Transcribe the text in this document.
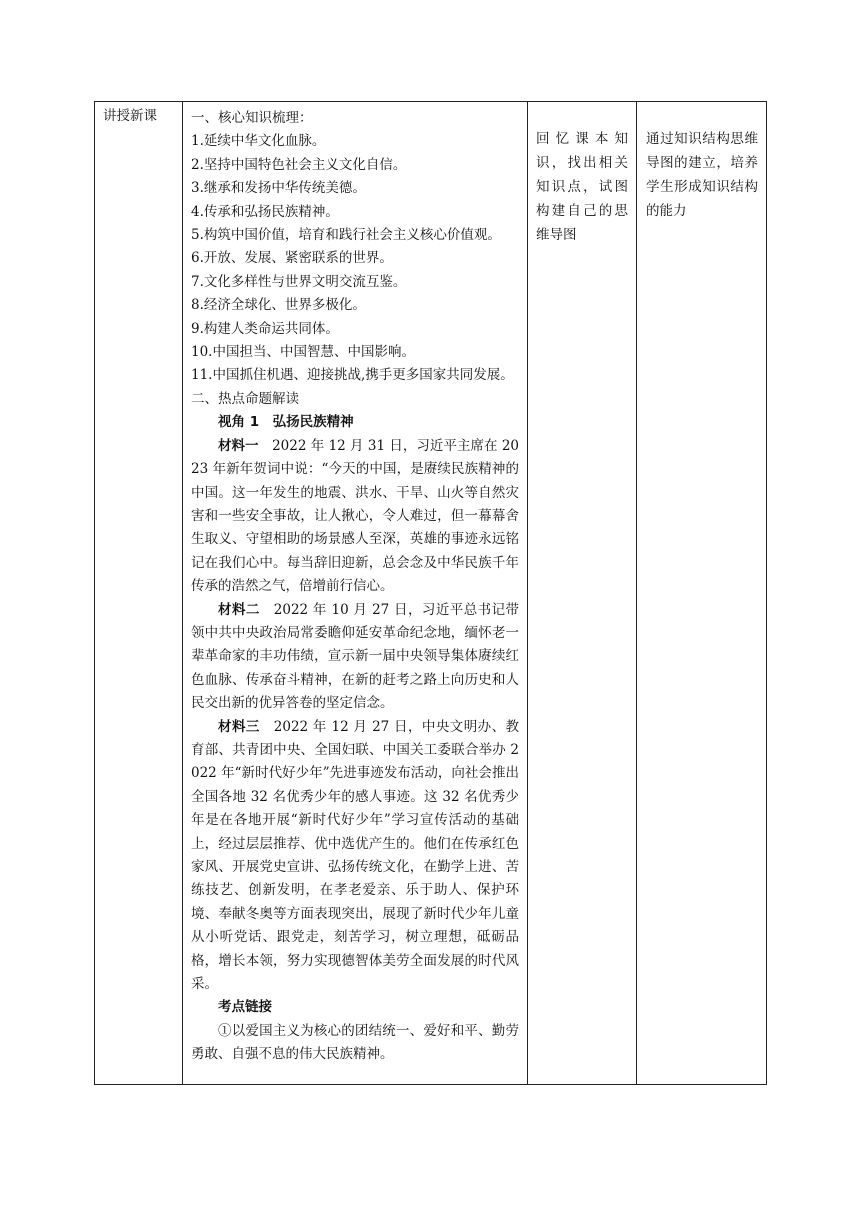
讲授新课	一、核心知识梳理：
1.延续中华文化血脉。
2.坚持中国特色社会主义文化自信。
3.继承和发扬中华传统美德。
4.传承和弘扬民族精神。
5.构筑中国价值，培育和践行社会主义核心价值观。
6.开放、发展、紧密联系的世界。
7.文化多样性与世界文明交流互鉴。
8.经济全球化、世界多极化。
9.构建人类命运共同体。
10.中国担当、中国智慧、中国影响。

11.中国抓住机遇、迎接挑战,携手更多国家共同发展。

二、热点命题解读
视角 1　弘扬民族精神

材料一　2022 年 12 月 31 日，习近平主席在 2023 年新年贺词中说：“今天的中国，是赓续民族精神的中国。这一年发生的地震、洪水、干旱、山火等自然灾害和一些安全事故，让人揪心，令人难过，但一幕幕舍生取义、守望相助的场景感人至深，英雄的事迹永远铭记在我们心中。每当辞旧迎新，总会念及中华民族千年传承的浩然之气，倍增前行信心。

材料二　2022 年 10 月 27 日，习近平总书记带领中共中央政治局常委瞻仰延安革命纪念地，缅怀老一辈革命家的丰功伟绩，宣示新一届中央领导集体赓续红色血脉、传承奋斗精神，在新的赶考之路上向历史和人民交出新的优异答卷的坚定信念。

材料三　2022 年 12 月 27 日，中央文明办、教育部、共青团中央、全国妇联、中国关工委联合举办 2022 年“新时代好少年”先进事迹发布活动，向社会推出全国各地 32 名优秀少年的感人事迹。这 32 名优秀少年是在各地开展“新时代好少年”学习宣传活动的基础上，经过层层推荐、优中选优产生的。他们在传承红色家风、开展党史宣讲、弘扬传统文化，在勤学上进、苦练技艺、创新发明，在孝老爱亲、乐于助人、保护环境、奉献冬奥等方面表现突出，展现了新时代少年儿童从小听党话、跟党走，刻苦学习，树立理想，砥砺品格，增长本领，努力实现德智体美劳全面发展的时代风采。

考点链接

①以爱国主义为核心的团结统一、爱好和平、勤劳勇敢、自强不息的伟大民族精神。

	回忆课本知识，找出相关知识点，试图构建自己的思维导图	通过知识结构思维导图的建立，培养学生形成知识结构的能力
